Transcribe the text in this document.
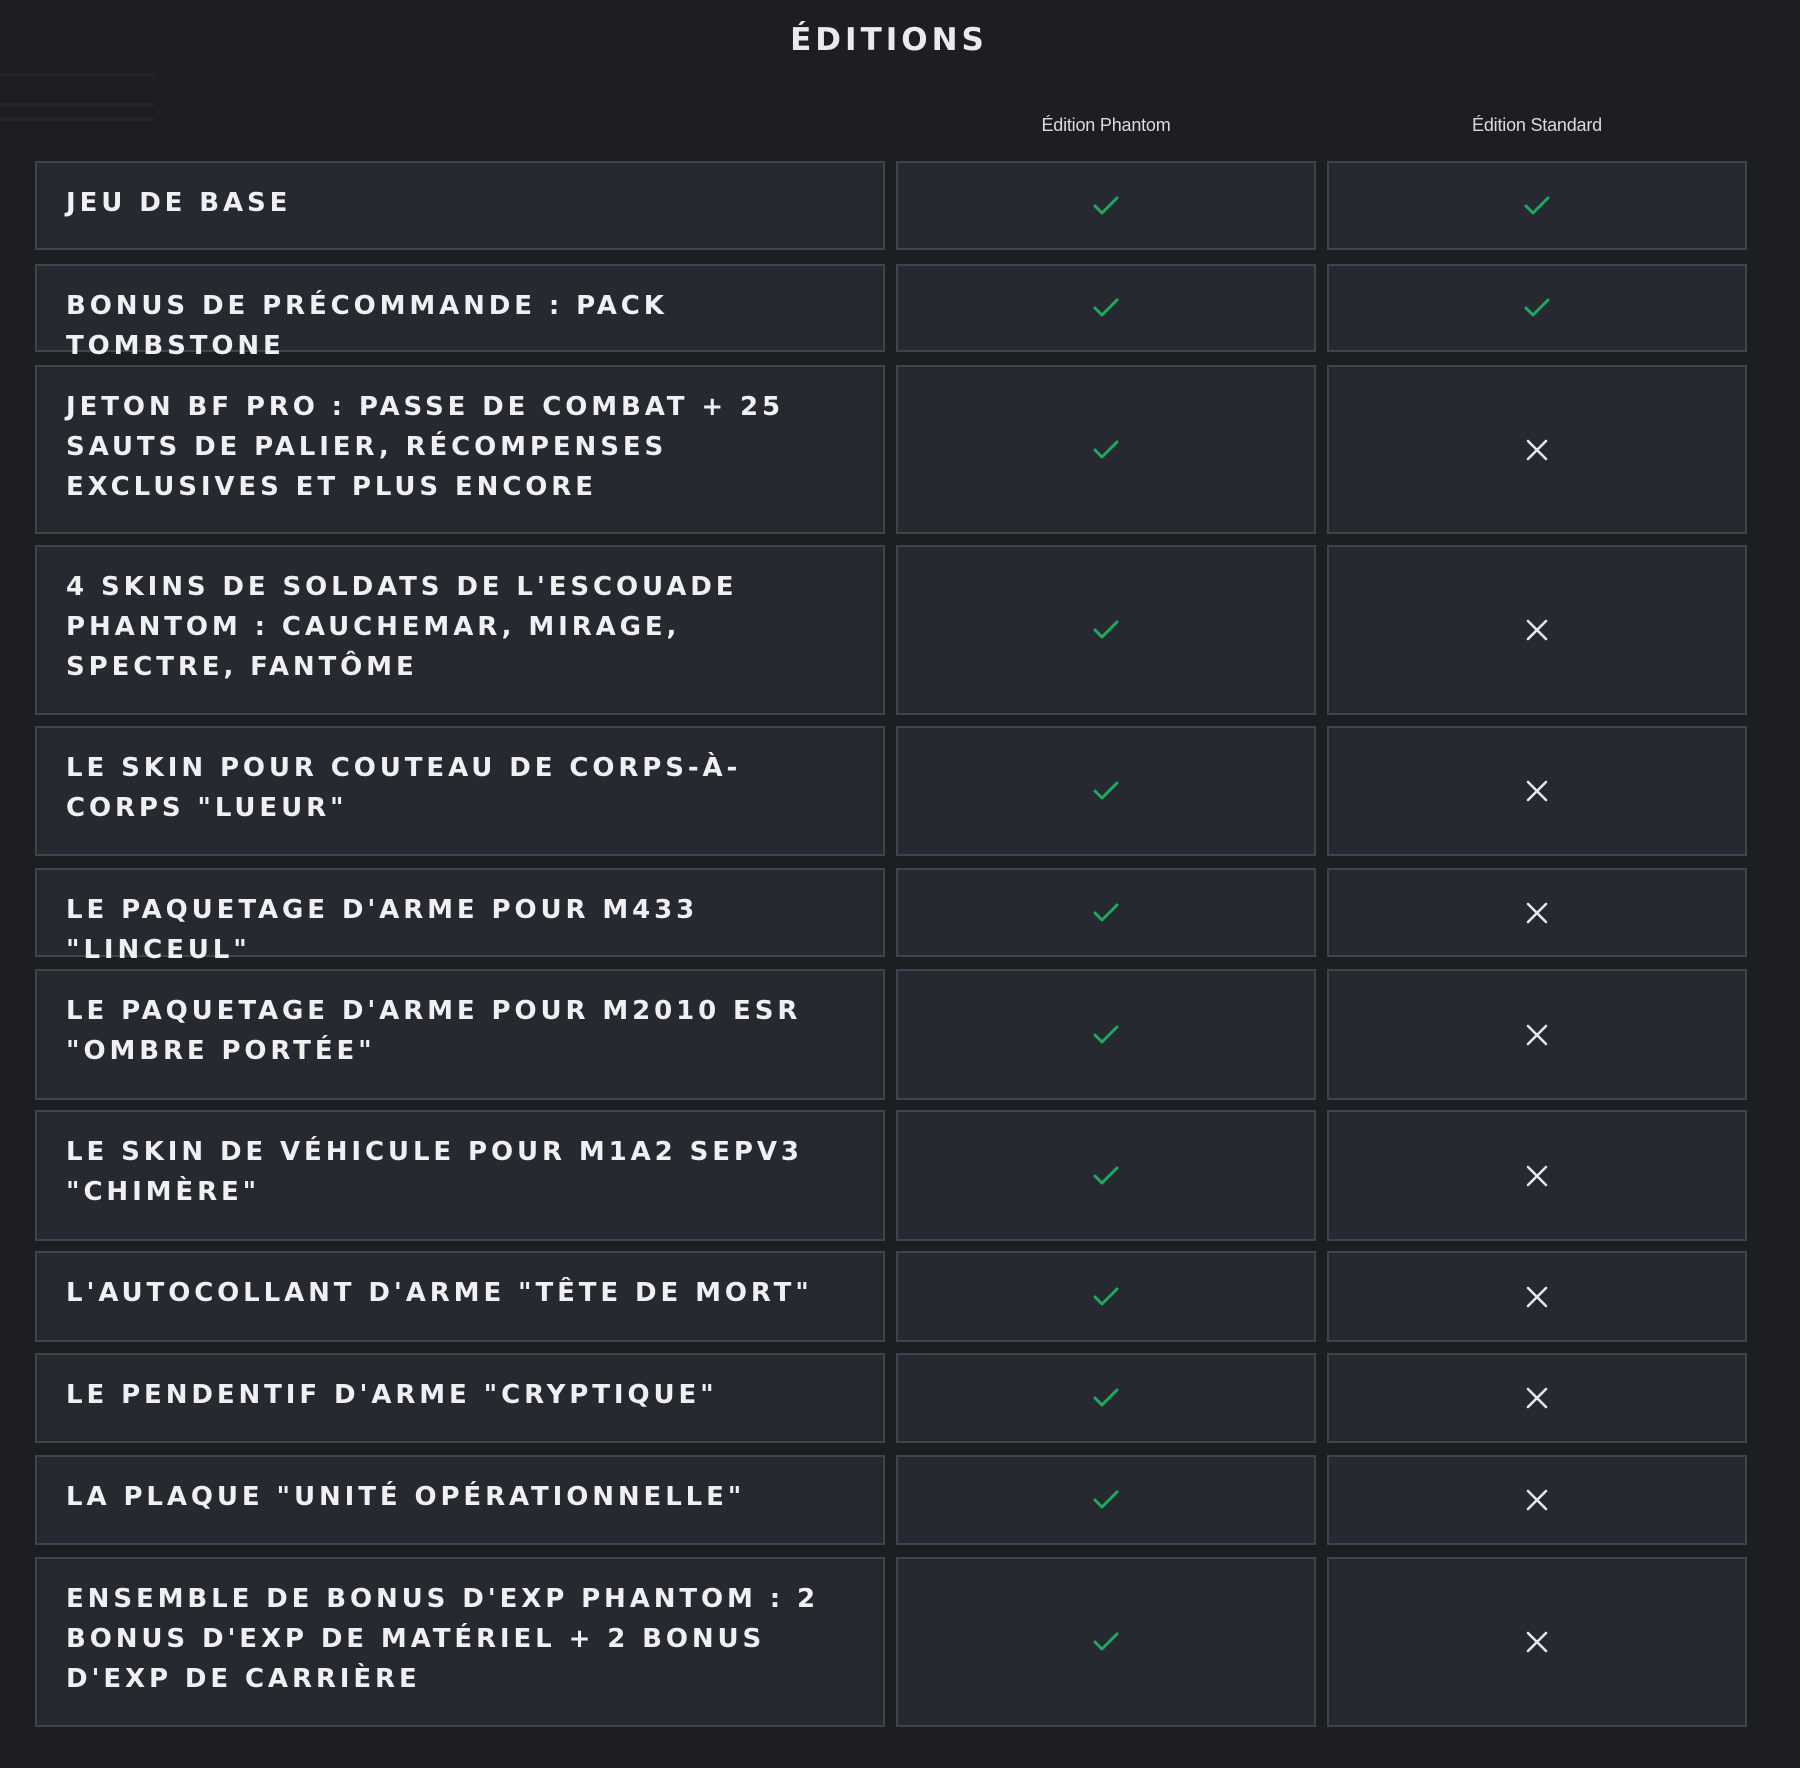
ÉDITIONS
Édition Phantom	Édition Standard
JEU DE BASE
BONUS DE PRÉCOMMANDE : PACK TOMBSTONE
JETON BF PRO : PASSE DE COMBAT + 25 SAUTS DE PALIER, RÉCOMPENSES EXCLUSIVES ET PLUS ENCORE
4 SKINS DE SOLDATS DE L'ESCOUADE PHANTOM : CAUCHEMAR, MIRAGE, SPECTRE, FANTÔME
LE SKIN POUR COUTEAU DE CORPS-À-CORPS "LUEUR"
LE PAQUETAGE D'ARME POUR M433 "LINCEUL"
LE PAQUETAGE D'ARME POUR M2010 ESR "OMBRE PORTÉE"
LE SKIN DE VÉHICULE POUR M1A2 SEPV3 "CHIMÈRE"
L'AUTOCOLLANT D'ARME "TÊTE DE MORT"
LE PENDENTIF D'ARME "CRYPTIQUE"
LA PLAQUE "UNITÉ OPÉRATIONNELLE"
ENSEMBLE DE BONUS D'EXP PHANTOM : 2 BONUS D'EXP DE MATÉRIEL + 2 BONUS D'EXP DE CARRIÈRE
